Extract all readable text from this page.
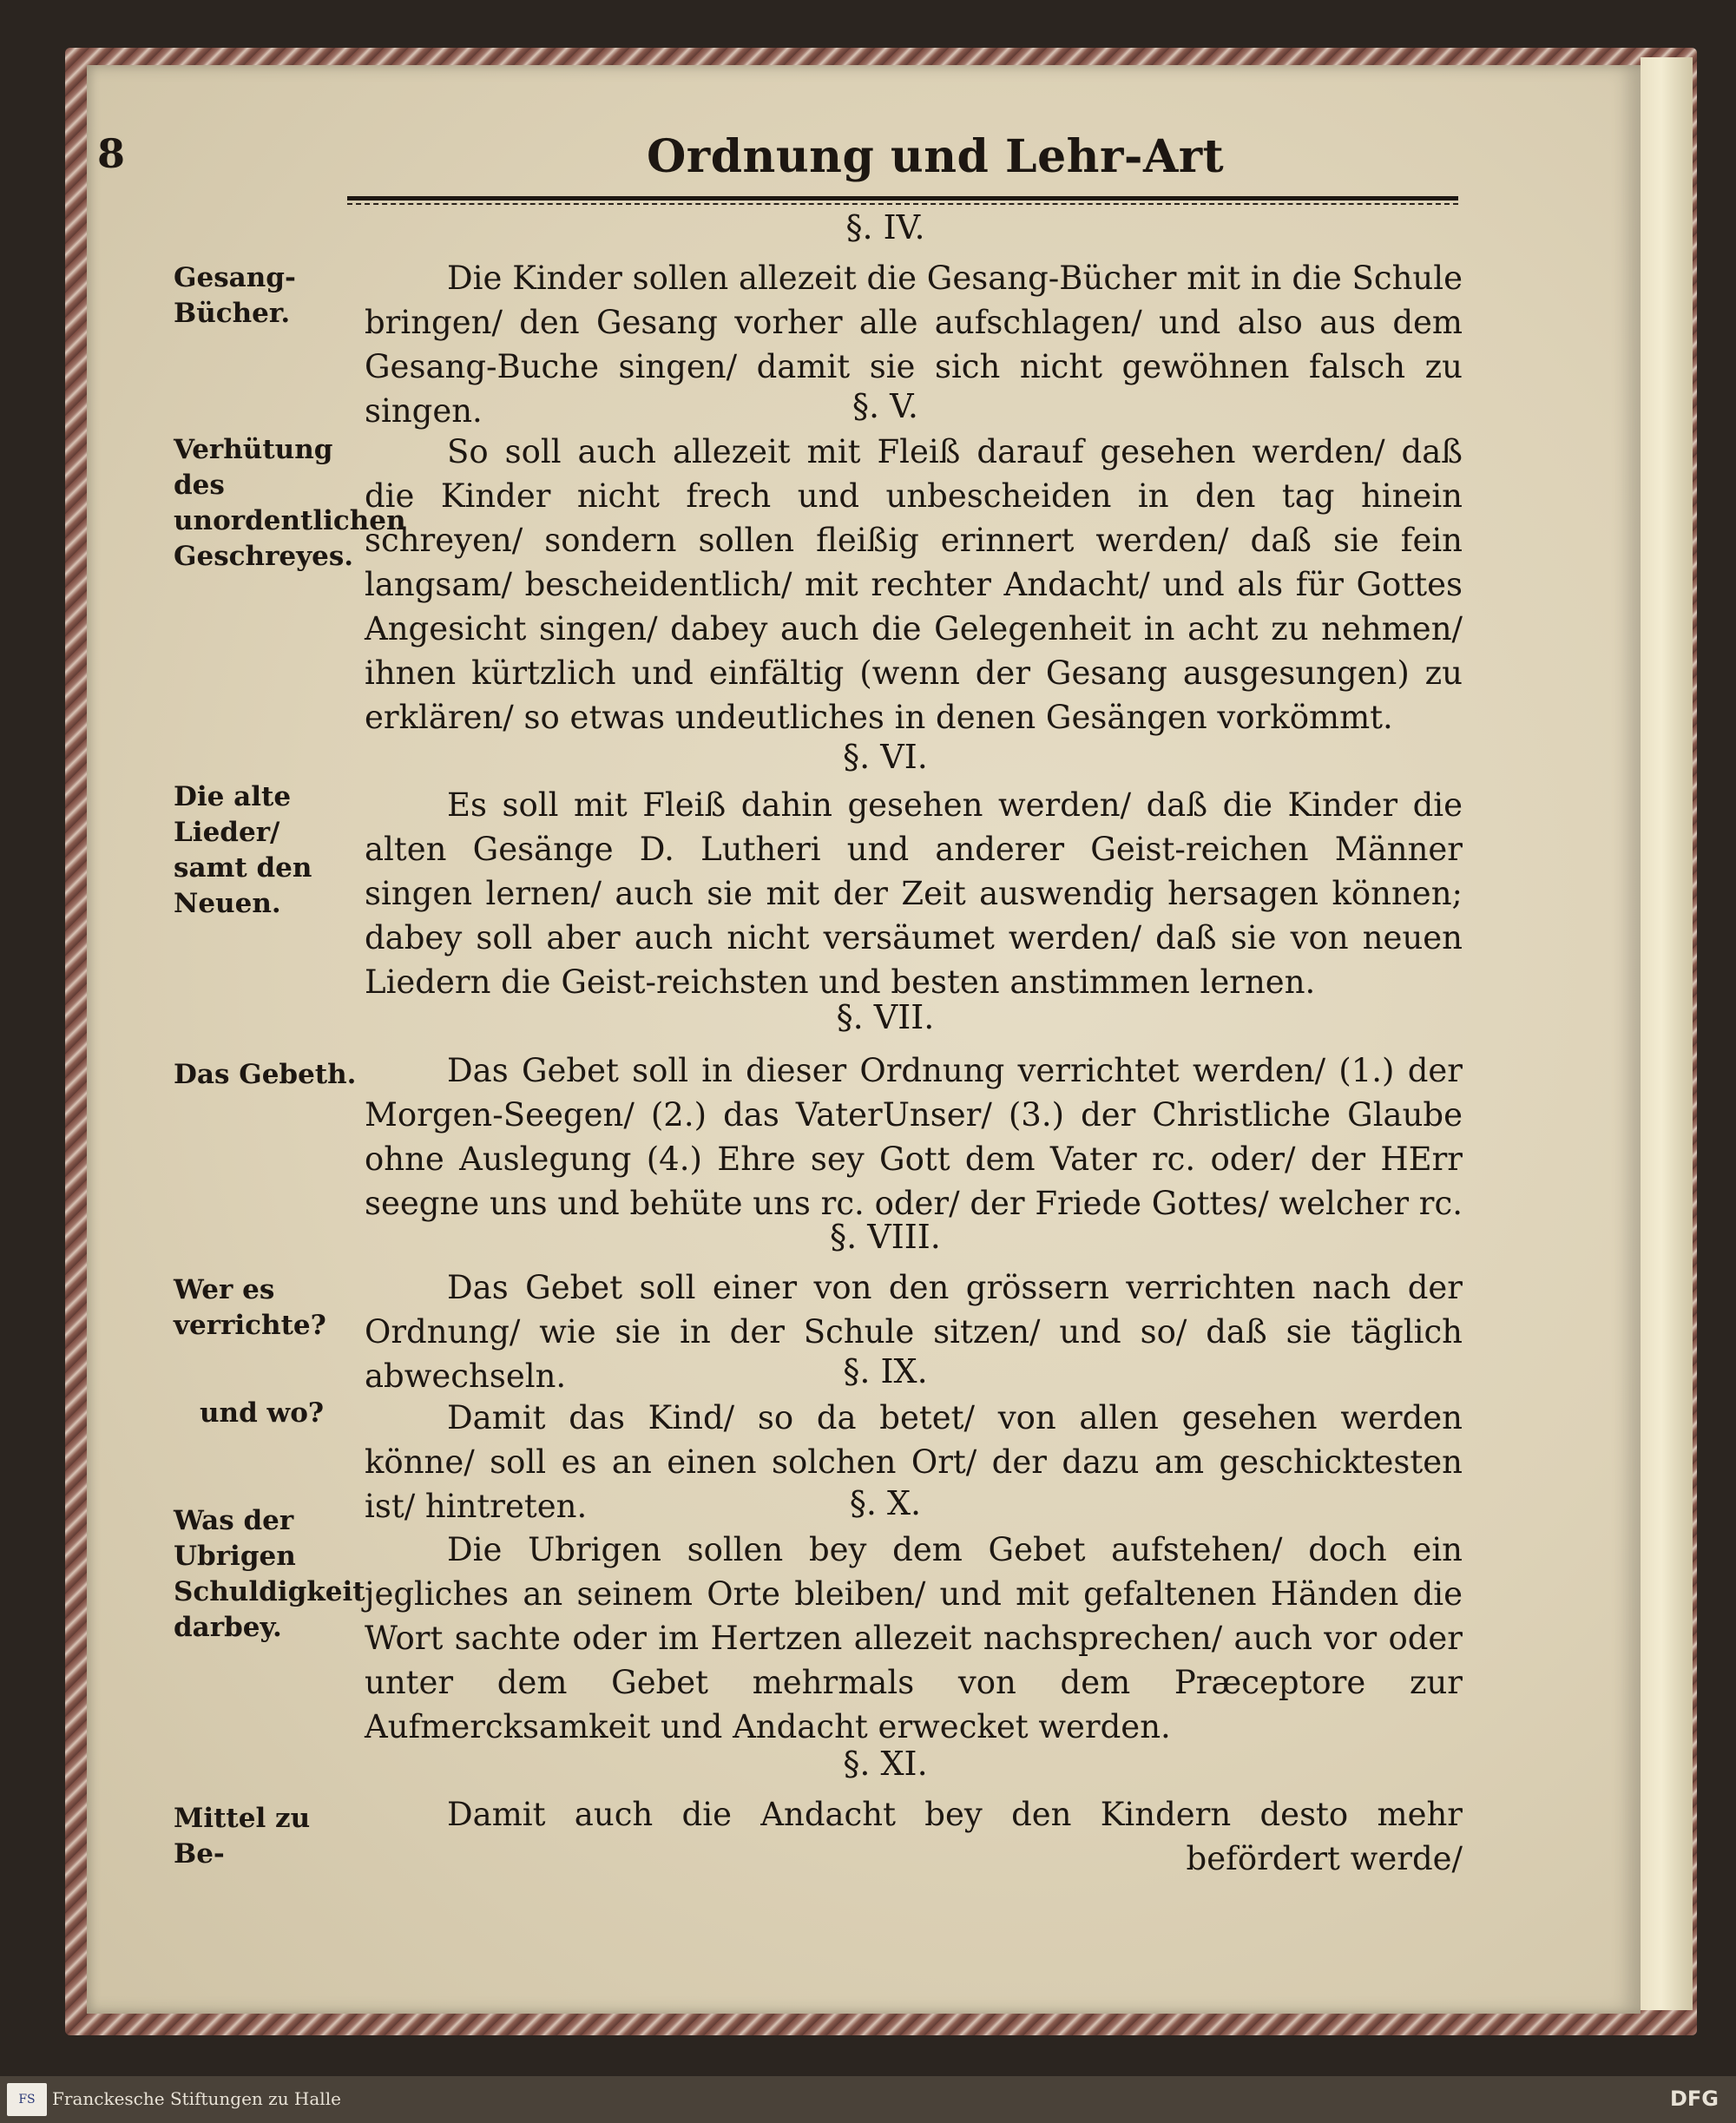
8	Ordnung und Lehr-Art
§. IV.
Gesang-Bücher.
Die Kinder sollen allezeit die Gesang-Bücher mit in die Schule bringen/ den Gesang vorher alle aufschlagen/ und also aus dem Gesang-Buche singen/ damit sie sich nicht gewöhnen falsch zu singen.	§. V.
Verhütung des unordentlichen Geschreyes.
So soll auch allezeit mit Fleiß darauf gesehen werden/ daß die Kinder nicht frech und unbescheiden in den tag hinein schreyen/ sondern sollen fleißig erinnert werden/ daß sie fein langsam/ bescheidentlich/ mit rechter Andacht/ und als für Gottes Angesicht singen/ dabey auch die Gelegenheit in acht zu nehmen/ ihnen kürtzlich und einfältig (wenn der Gesang ausgesungen) zu erklären/ so etwas undeutliches in denen Gesängen vorkömmt.
§. VI.
Die alte Lieder/ samt den Neuen.
Es soll mit Fleiß dahin gesehen werden/ daß die Kinder die alten Gesänge D. Lutheri und anderer Geist-reichen Männer singen lernen/ auch sie mit der Zeit auswendig hersagen können; dabey soll aber auch nicht versäumet werden/ daß sie von neuen Liedern die Geist-reichsten und besten anstimmen lernen.
§. VII.
Das Gebeth.	Das Gebet soll in dieser Ordnung verrichtet werden/ (1.) der Morgen-Seegen/ (2.) das VaterUnser/ (3.) der Christliche Glaube ohne Auslegung (4.) Ehre sey Gott dem Vater rc. oder/ der HErr seegne uns und behüte uns rc. oder/ der Friede Gottes/ welcher rc.
§. VIII.
Wer es verrichte?
Das Gebet soll einer von den grössern verrichten nach der Ordnung/ wie sie in der Schule sitzen/ und so/ daß sie täglich abwechseln.	§. IX.
und wo?	Damit das Kind/ so da betet/ von allen gesehen werden könne/ soll es an einen solchen Ort/ der dazu am geschicktesten ist/ hintreten.	§. X.
Was der Ubrigen Schuldigkeit darbey.
Die Ubrigen sollen bey dem Gebet aufstehen/ doch ein jegliches an seinem Orte bleiben/ und mit gefaltenen Händen die Wort sachte oder im Hertzen allezeit nachsprechen/ auch vor oder unter dem Gebet mehrmals von dem Præceptore zur Aufmercksamkeit und Andacht erwecket werden.
§. XI.
Mittel zu Be-
Damit auch die Andacht bey den Kindern desto mehr befördert werde/
FS Franckesche Stiftungen zu Halle	DFG
